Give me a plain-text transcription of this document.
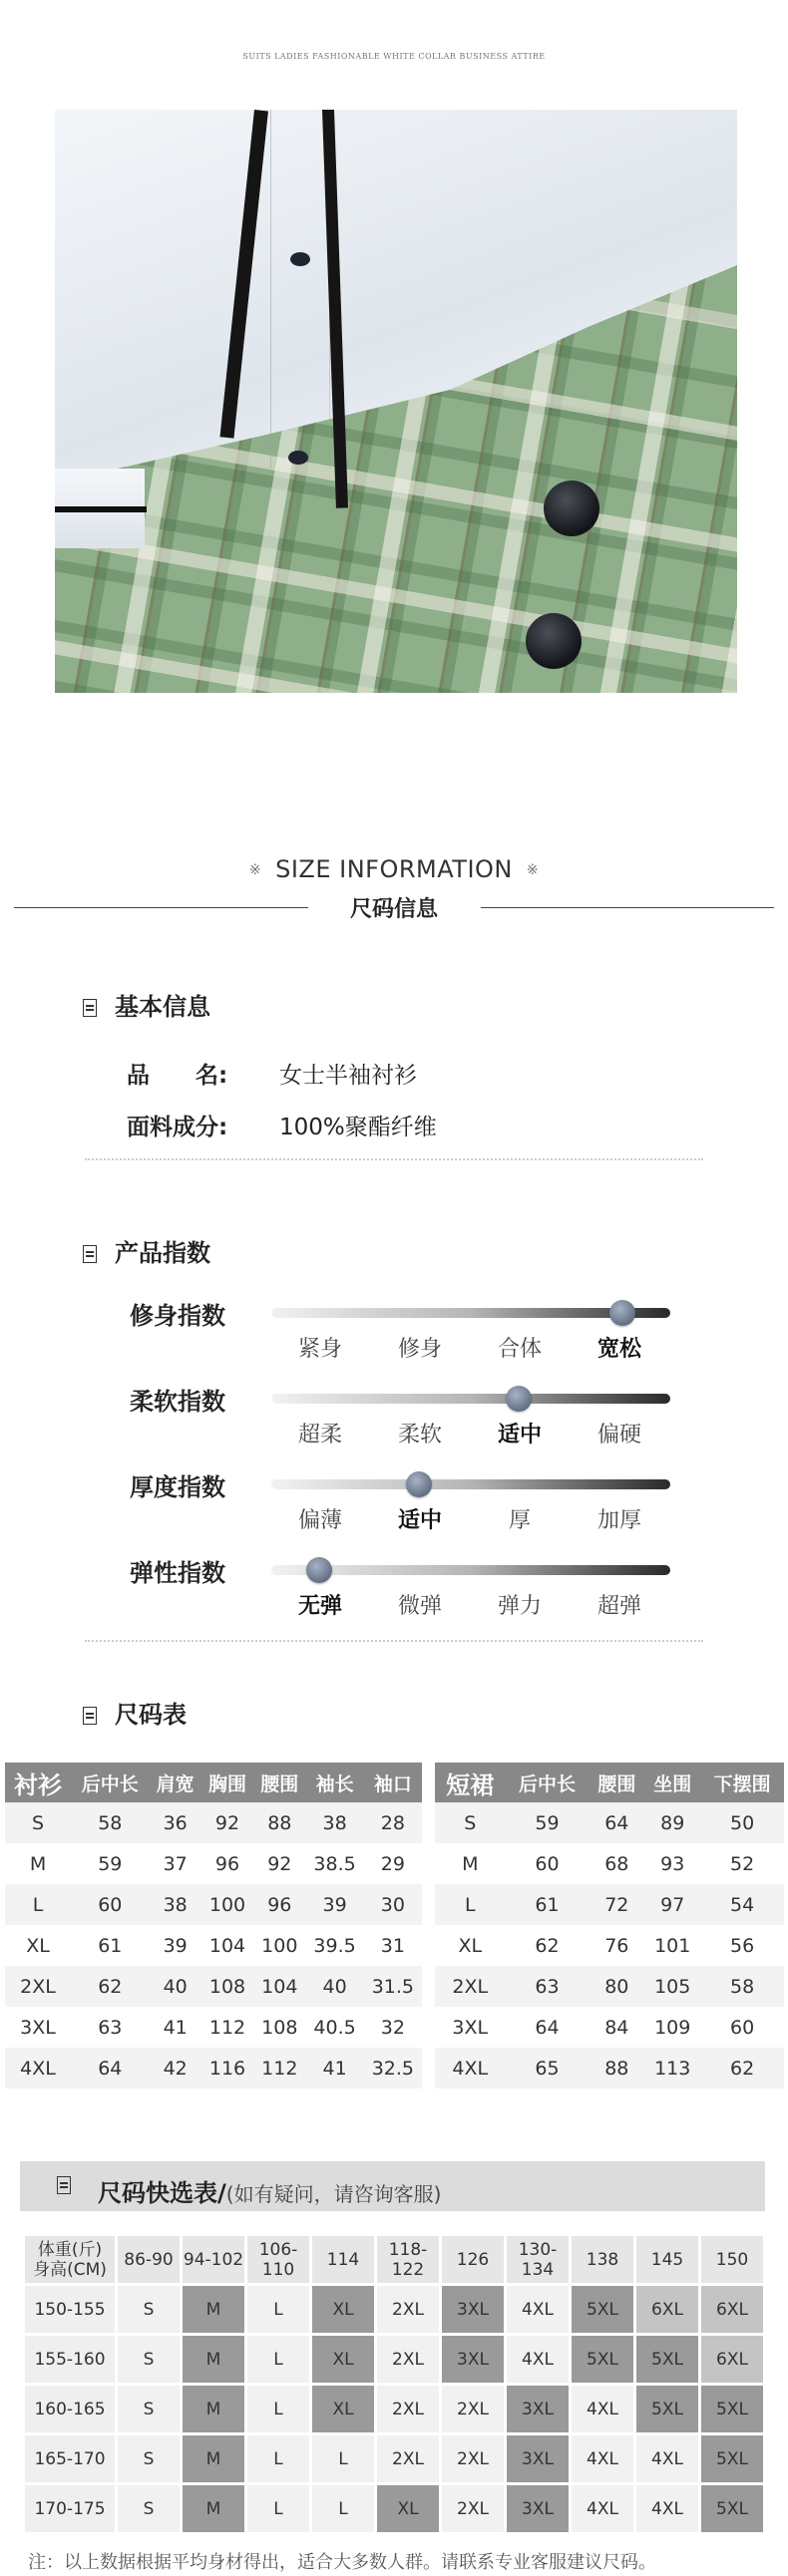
SUITS LADIES FASHIONABLE WHITE COLLAR BUSINESS ATTIRE
※ SIZE INFORMATION ※
尺码信息
基本信息
品　　名: 女士半袖衬衫
面料成分: 100%聚酯纤维
产品指数
修身指数
紧身	修身	合体	宽松
柔软指数
超柔	柔软	适中	偏硬
厚度指数
偏薄	适中	厚	加厚
弹性指数
无弹	微弹	弹力	超弹
尺码表
衬衫	后中长	肩宽	胸围	腰围	袖长	袖口
S	58	36	92	88	38	28
M	59	37	96	92	38.5	29
L	60	38	100	96	39	30
XL	61	39	104	100	39.5	31
2XL	62	40	108	104	40	31.5
3XL	63	41	112	108	40.5	32
4XL	64	42	116	112	41	32.5
短裙	后中长	腰围	坐围	下摆围
S	59	64	89	50
M	60	68	93	52
L	61	72	97	54
XL	62	76	101	56
2XL	63	80	105	58
3XL	64	84	109	60
4XL	65	88	113	62
尺码快选表/(如有疑问，请咨询客服)
体重(斤)
身高(CM)	86-90	94-102	106-110	114	118-122	126	130-134	138	145	150
150-155	S	M	L	XL	2XL	3XL	4XL	5XL	6XL	6XL
155-160	S	M	L	XL	2XL	3XL	4XL	5XL	5XL	6XL
160-165	S	M	L	XL	2XL	2XL	3XL	4XL	5XL	5XL
165-170	S	M	L	L	2XL	2XL	3XL	4XL	4XL	5XL
170-175	S	M	L	L	XL	2XL	3XL	4XL	4XL	5XL
注：以上数据根据平均身材得出，适合大多数人群。请联系专业客服建议尺码。
